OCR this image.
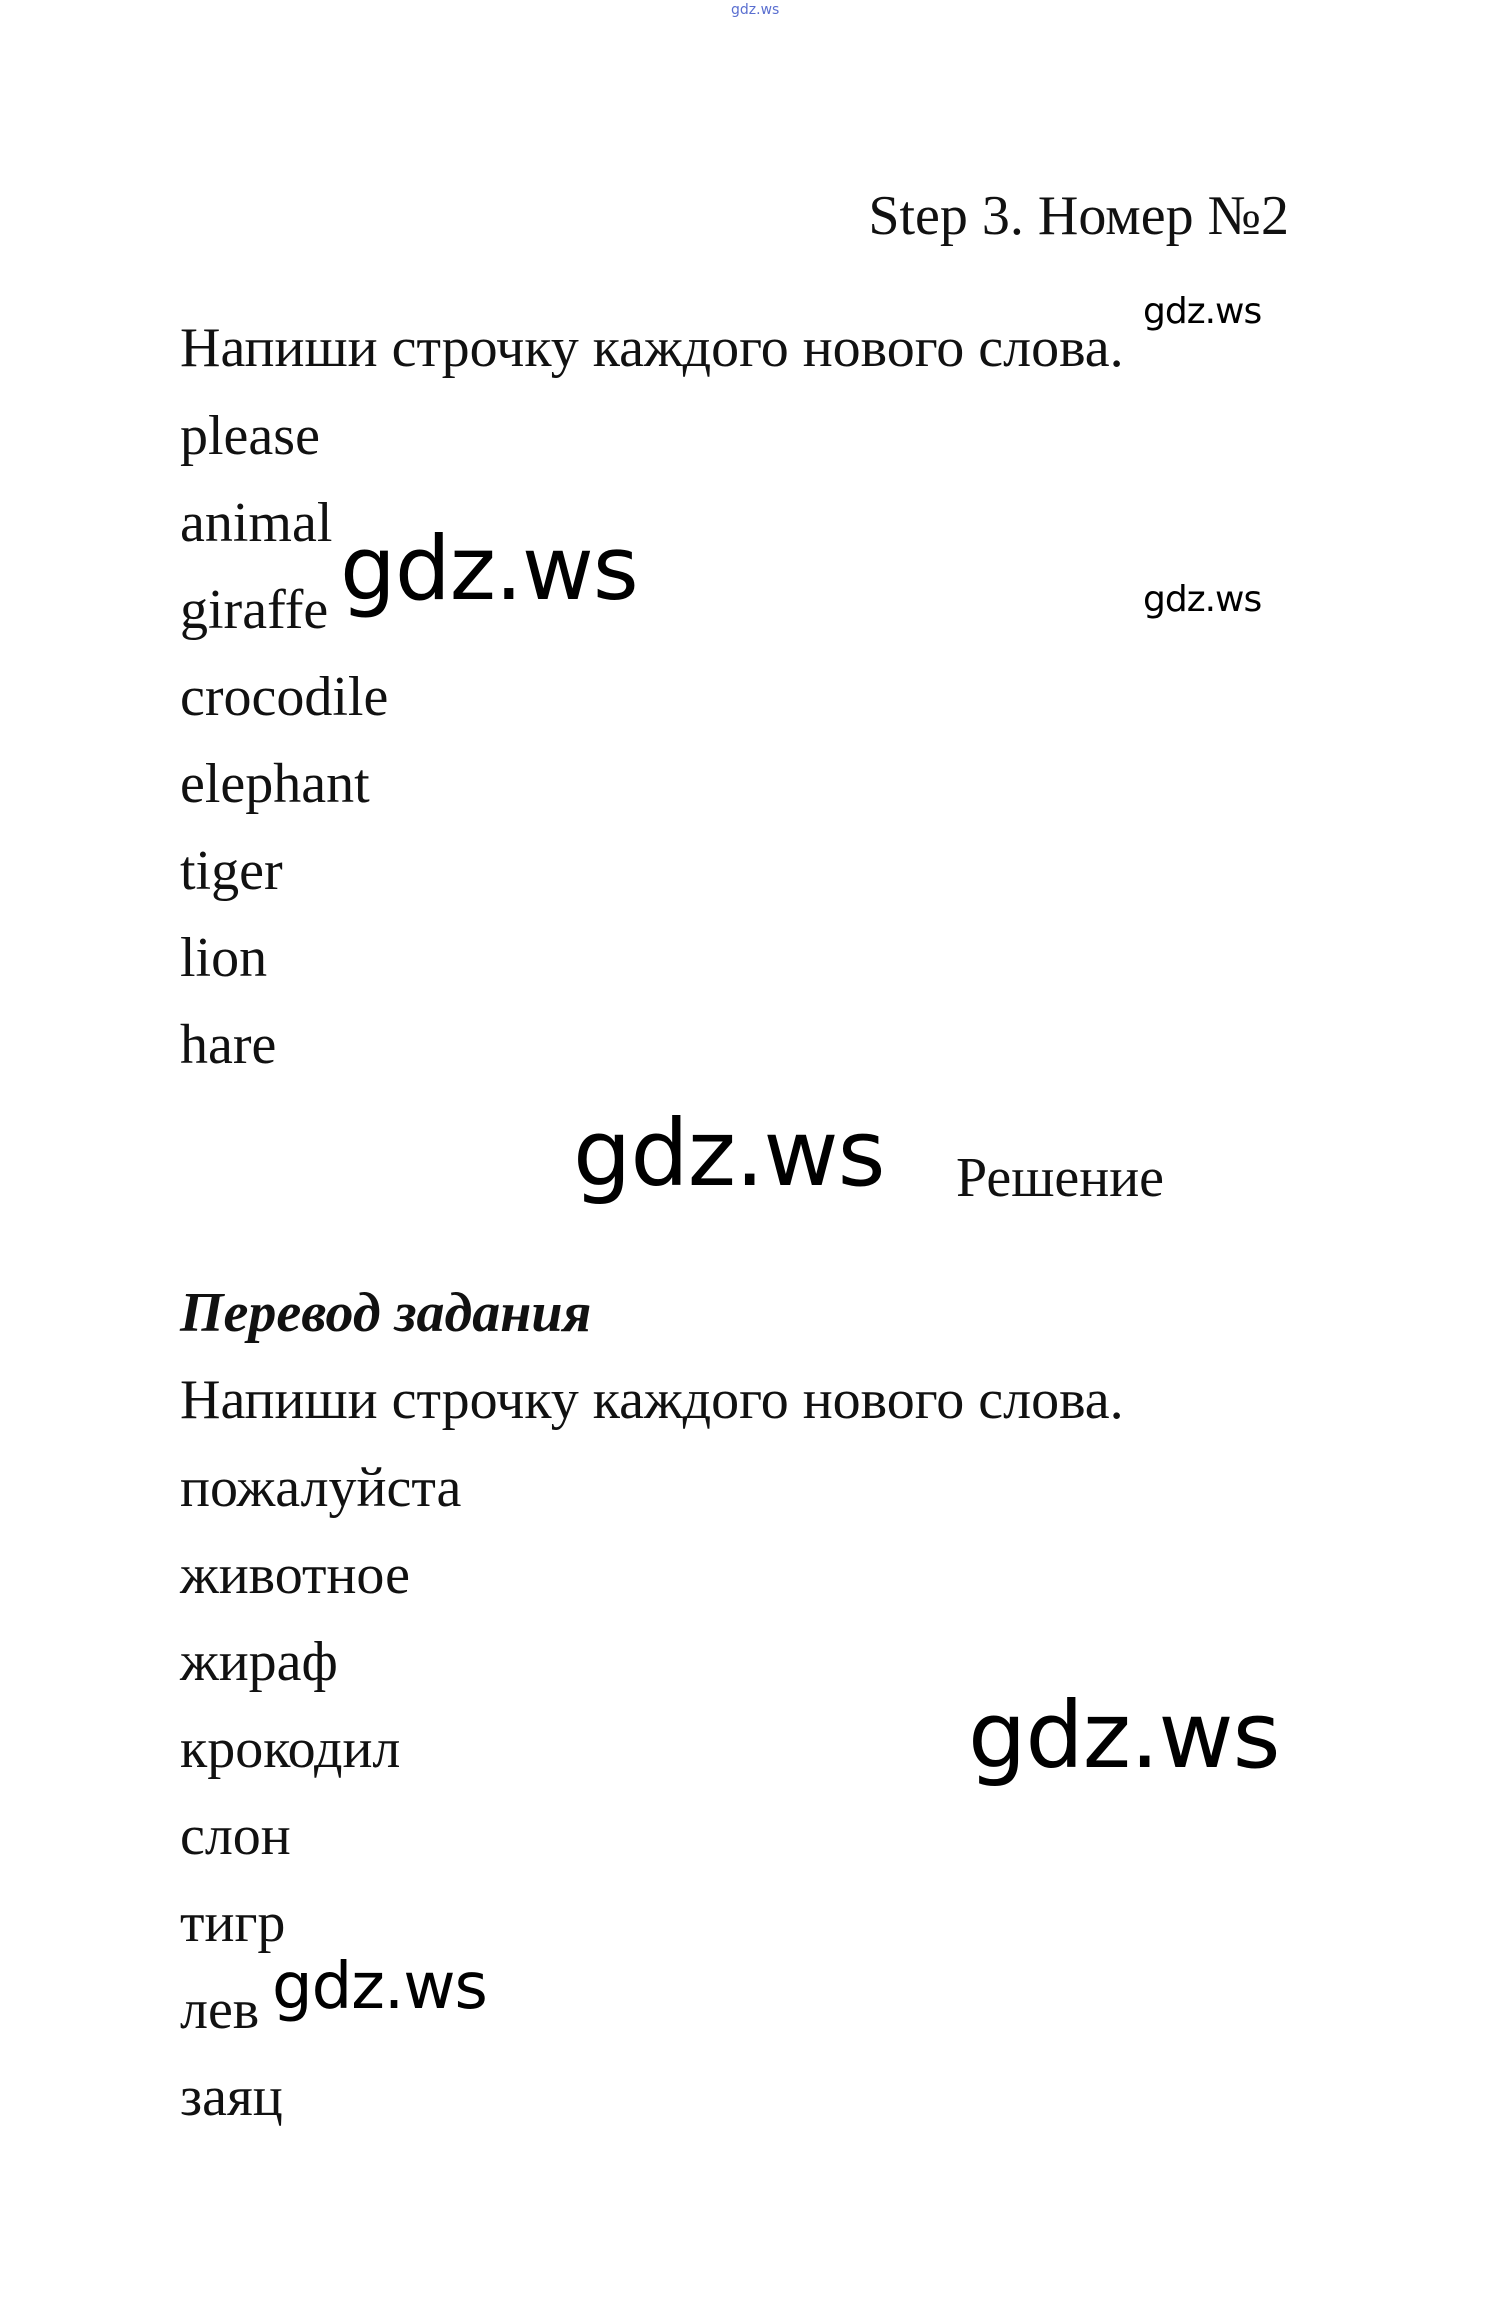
gdz.ws
Step 3. Номер №2
gdz.ws
Напиши строчку каждого нового слова.
please
animal
giraffe
crocodile
elephant
tiger
lion
hare
gdz.ws	gdz.ws
gdz.ws Решение
Перевод задания
Напиши строчку каждого нового слова.
пожалуйста
животное
жираф
крокодил
слон
тигр
лев
заяц
gdz.ws
gdz.ws
